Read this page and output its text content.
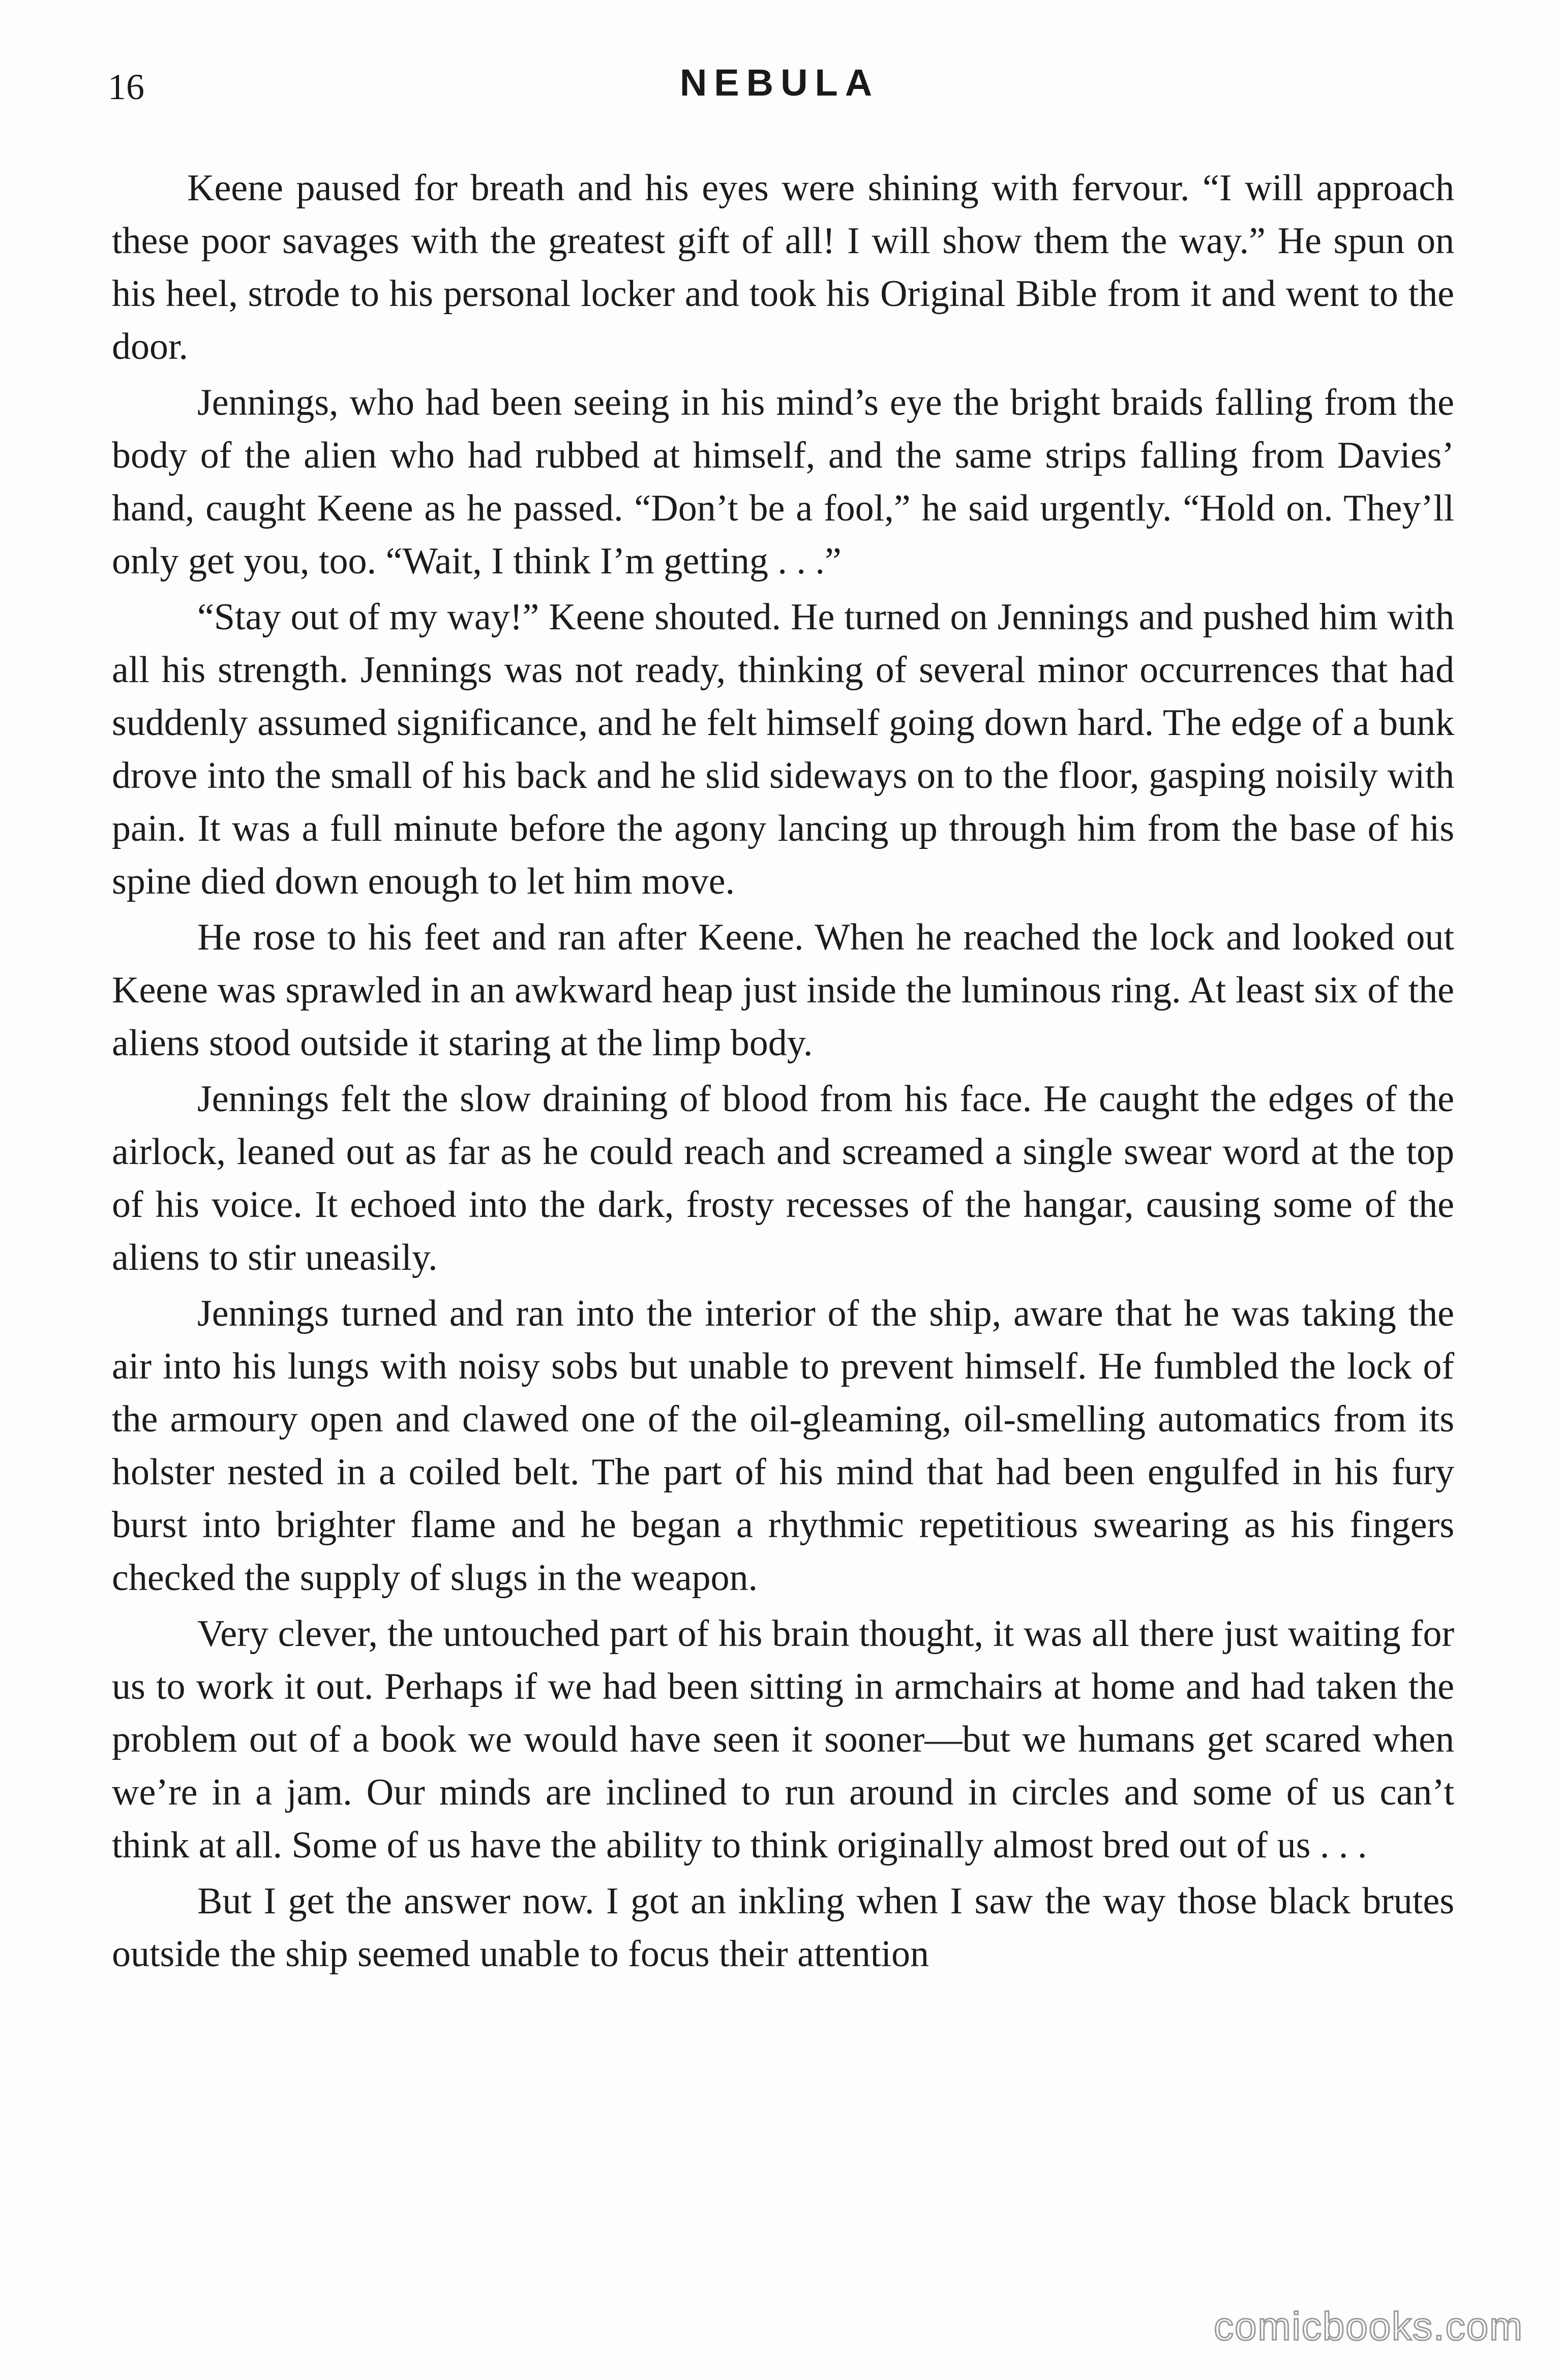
16	NEBULA

Keene paused for breath and his eyes were shining with fervour. “I will approach these poor savages with the greatest gift of all! I will show them the way.” He spun on his heel, strode to his personal locker and took his Original Bible from it and went to the door.

Jennings, who had been seeing in his mind’s eye the bright braids falling from the body of the alien who had rubbed at himself, and the same strips falling from Davies’ hand, caught Keene as he passed. “Don’t be a fool,” he said urgently. “Hold on. They’ll only get you, too. “Wait, I think I’m getting . . .”

“Stay out of my way!” Keene shouted. He turned on Jennings and pushed him with all his strength. Jennings was not ready, thinking of several minor occurrences that had suddenly assumed significance, and he felt himself going down hard. The edge of a bunk drove into the small of his back and he slid sideways on to the floor, gasping noisily with pain. It was a full minute before the agony lancing up through him from the base of his spine died down enough to let him move.

He rose to his feet and ran after Keene. When he reached the lock and looked out Keene was sprawled in an awkward heap just inside the luminous ring. At least six of the aliens stood outside it staring at the limp body.

Jennings felt the slow draining of blood from his face. He caught the edges of the airlock, leaned out as far as he could reach and screamed a single swear word at the top of his voice. It echoed into the dark, frosty recesses of the hangar, causing some of the aliens to stir uneasily.

Jennings turned and ran into the interior of the ship, aware that he was taking the air into his lungs with noisy sobs but unable to prevent himself. He fumbled the lock of the armoury open and clawed one of the oil-gleaming, oil-smelling automatics from its holster nested in a coiled belt. The part of his mind that had been engulfed in his fury burst into brighter flame and he began a rhythmic repetitious swearing as his fingers checked the supply of slugs in the weapon.

Very clever, the untouched part of his brain thought, it was all there just waiting for us to work it out. Perhaps if we had been sitting in armchairs at home and had taken the problem out of a book we would have seen it sooner—but we humans get scared when we’re in a jam. Our minds are inclined to run around in circles and some of us can’t think at all. Some of us have the ability to think originally almost bred out of us . . .

But I get the answer now. I got an inkling when I saw the way those black brutes outside the ship seemed unable to focus their attention

comicbooks.com
